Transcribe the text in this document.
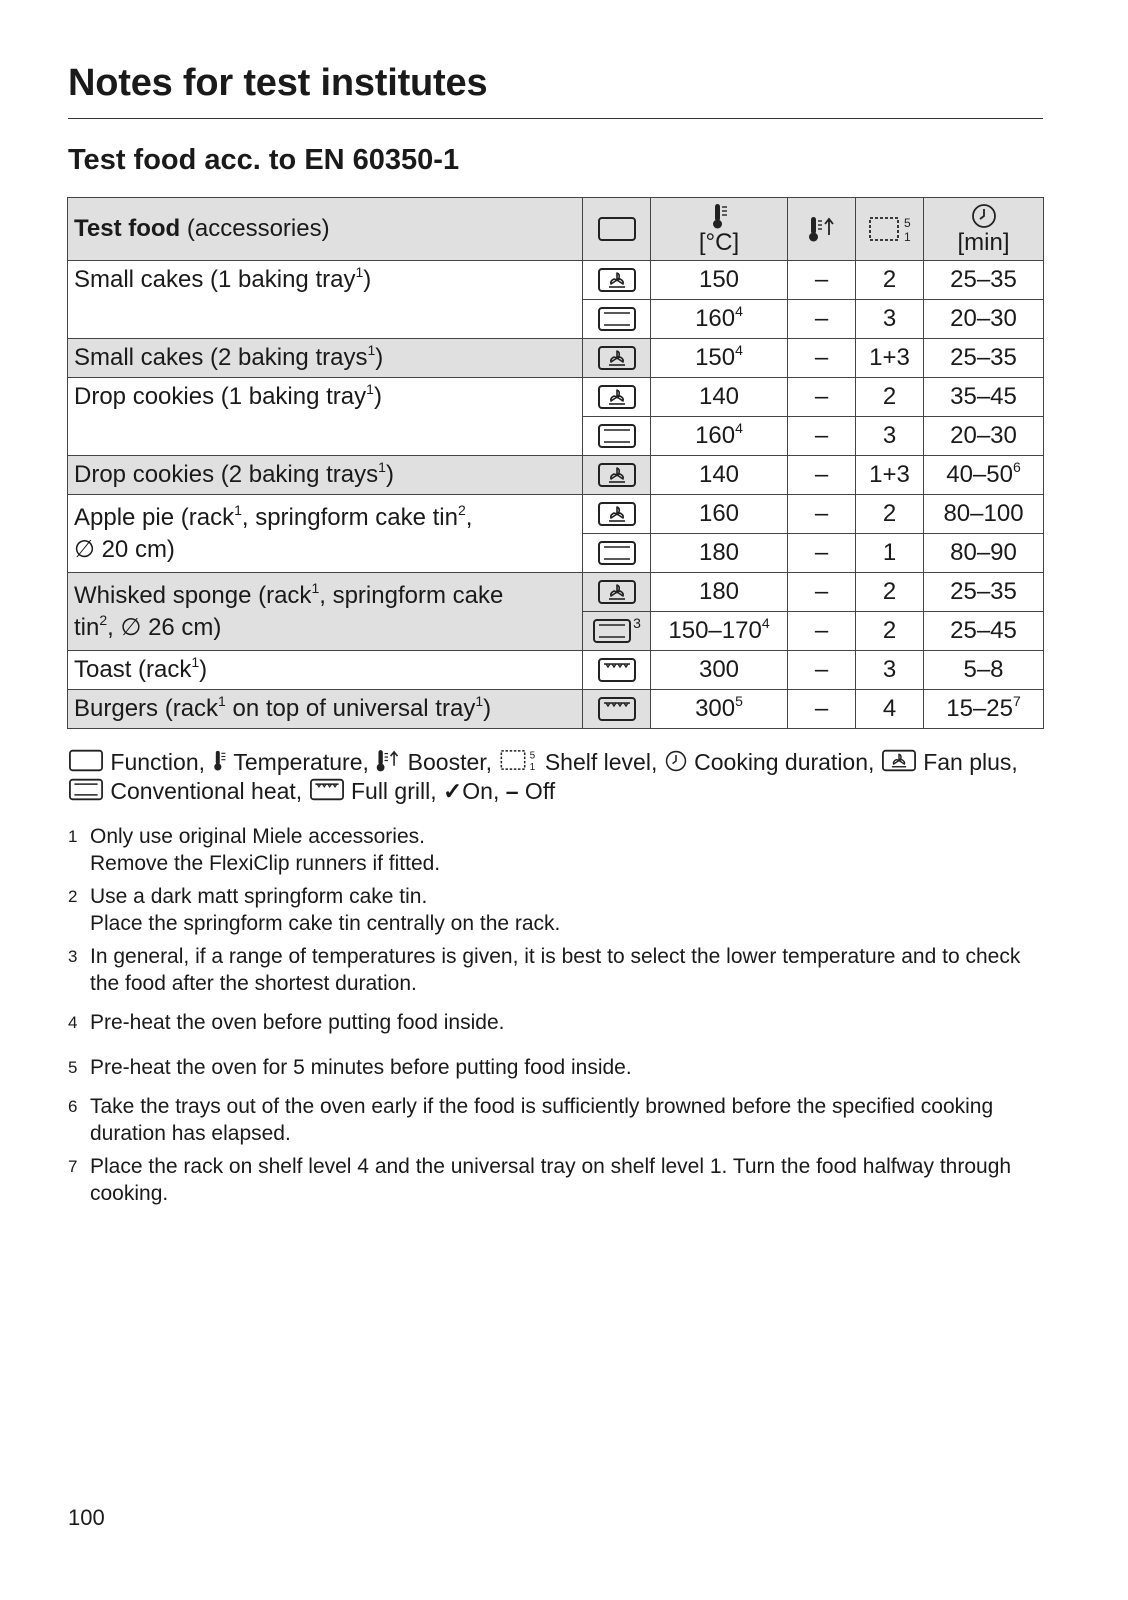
Notes for test institutes
Test food acc. to EN 60350-1
Test food (accessories)		[°C]			[min]

Small cakes (1 baking tray$^1$)		150	–	2	25–35
	$160^4$	–	3	20–30
Small cakes (2 baking trays$^1$)		$150^4$	–	1+3	25–35
Drop cookies (1 baking tray$^1$)		140	–	2	35–45
	$160^4$	–	3	20–30
Drop cookies (2 baking trays$^1$)		140	–	1+3	$40-50^6$
Apple pie (rack$^1$, springform cake tin$^2$,
∅ 20 cm)		160	–	2	80–100
	180	–	1	80–90
Whisked sponge (rack$^1$, springform cake
tin$^2$, ∅ 26 cm)		180	–	2	25–35
	$^3$	$150-170^4$	–	2	25–45
Toast (rack$^1$)		300	–	3	5–8
Burgers (rack$^1$ on top of universal tray$^1$)		$300^5$	–	4	$15-25^7$

Function,  Temperature,  Booster,  Shelf level,  Cooking duration,  Fan plus,  Conventional heat,  Full grill, ✓On, – Off

1 Only use original Miele accessories.
Remove the FlexiClip runners if fitted.
2 Use a dark matt springform cake tin.
Place the springform cake tin centrally on the rack.
3 In general, if a range of temperatures is given, it is best to select the lower temperature and to check the food after the shortest duration.
4 Pre-heat the oven before putting food inside.
5 Pre-heat the oven for 5 minutes before putting food inside.
6 Take the trays out of the oven early if the food is sufficiently browned before the specified cooking duration has elapsed.
7 Place the rack on shelf level 4 and the universal tray on shelf level 1. Turn the food halfway through cooking.
100
